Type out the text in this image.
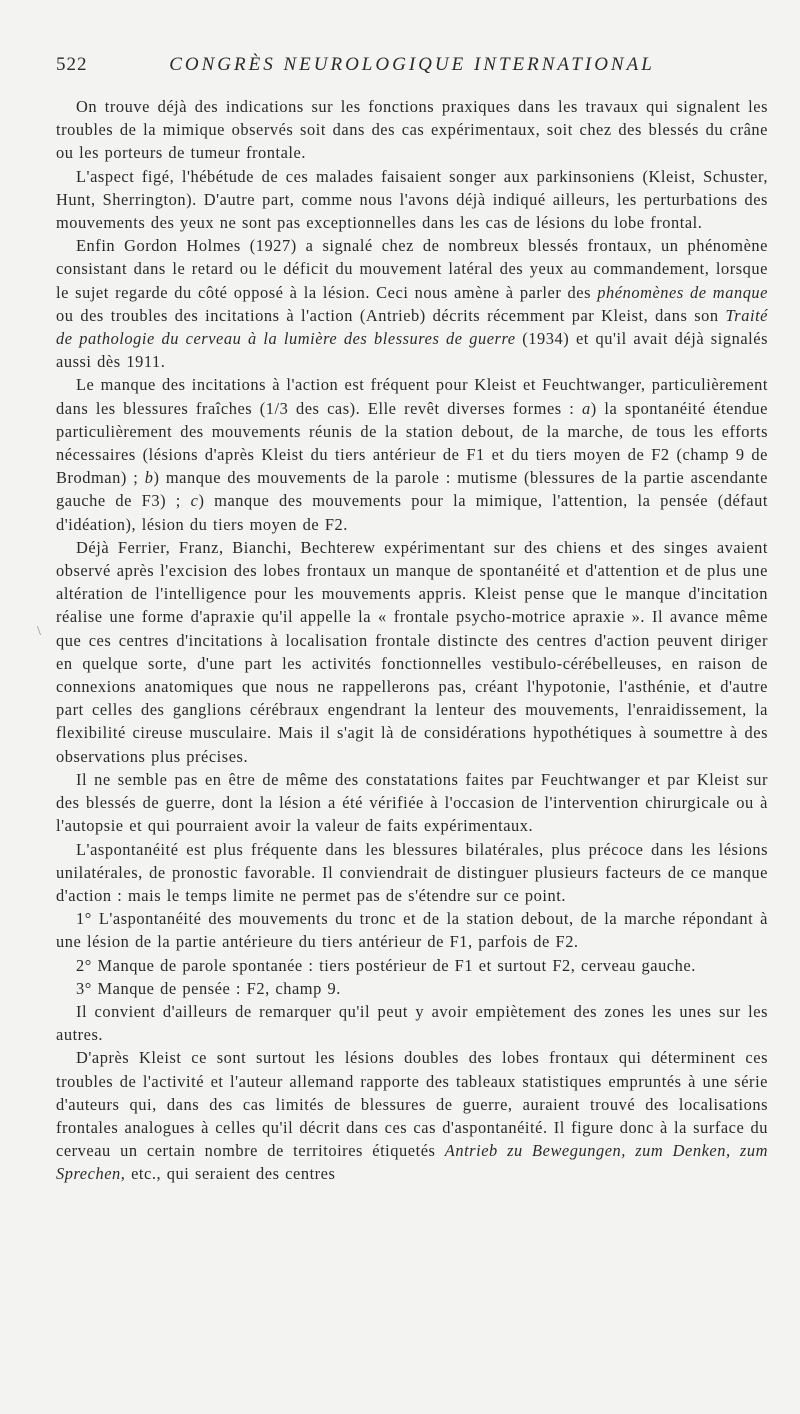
522	CONGRÈS NEUROLOGIQUE INTERNATIONAL
\

On trouve déjà des indications sur les fonctions praxiques dans les travaux qui signalent les troubles de la mimique observés soit dans des cas expérimentaux, soit chez des blessés du crâne ou les porteurs de tumeur frontale.

L'aspect figé, l'hébétude de ces malades faisaient songer aux parkinsoniens (Kleist, Schuster, Hunt, Sherrington). D'autre part, comme nous l'avons déjà indiqué ailleurs, les perturbations des mouvements des yeux ne sont pas exceptionnelles dans les cas de lésions du lobe frontal.

Enfin Gordon Holmes (1927) a signalé chez de nombreux blessés frontaux, un phénomène consistant dans le retard ou le déficit du mouvement latéral des yeux au commandement, lorsque le sujet regarde du côté opposé à la lésion. Ceci nous amène à parler des phénomènes de manque ou des troubles des incitations à l'action (Antrieb) décrits récemment par Kleist, dans son Traité de pathologie du cerveau à la lumière des blessures de guerre (1934) et qu'il avait déjà signalés aussi dès 1911.

Le manque des incitations à l'action est fréquent pour Kleist et Feuchtwanger, particulièrement dans les blessures fraîches (1/3 des cas). Elle revêt diverses formes : a) la spontanéité étendue particulièrement des mouvements réunis de la station debout, de la marche, de tous les efforts nécessaires (lésions d'après Kleist du tiers antérieur de F1 et du tiers moyen de F2 (champ 9 de Brodman) ; b) manque des mouvements de la parole : mutisme (blessures de la partie ascendante gauche de F3) ; c) manque des mouvements pour la mimique, l'attention, la pensée (défaut d'idéation), lésion du tiers moyen de F2.

Déjà Ferrier, Franz, Bianchi, Bechterew expérimentant sur des chiens et des singes avaient observé après l'excision des lobes frontaux un manque de spontanéité et d'attention et de plus une altération de l'intelligence pour les mouvements appris. Kleist pense que le manque d'incitation réalise une forme d'apraxie qu'il appelle la « frontale psycho-motrice apraxie ». Il avance même que ces centres d'incitations à localisation frontale distincte des centres d'action peuvent diriger en quelque sorte, d'une part les activités fonctionnelles vestibulo-cérébelleuses, en raison de connexions anatomiques que nous ne rappellerons pas, créant l'hypotonie, l'asthénie, et d'autre part celles des ganglions cérébraux engendrant la lenteur des mouvements, l'enraidissement, la flexibilité cireuse musculaire. Mais il s'agit là de considérations hypothétiques à soumettre à des observations plus précises.

Il ne semble pas en être de même des constatations faites par Feuchtwanger et par Kleist sur des blessés de guerre, dont la lésion a été vérifiée à l'occasion de l'intervention chirurgicale ou à l'autopsie et qui pourraient avoir la valeur de faits expérimentaux.

L'aspontanéité est plus fréquente dans les blessures bilatérales, plus précoce dans les lésions unilatérales, de pronostic favorable. Il conviendrait de distinguer plusieurs facteurs de ce manque d'action : mais le temps limite ne permet pas de s'étendre sur ce point.

1° L'aspontanéité des mouvements du tronc et de la station debout, de la marche répondant à une lésion de la partie antérieure du tiers antérieur de F1, parfois de F2.

2° Manque de parole spontanée : tiers postérieur de F1 et surtout F2, cerveau gauche.

3° Manque de pensée : F2, champ 9.

Il convient d'ailleurs de remarquer qu'il peut y avoir empiètement des zones les unes sur les autres.

D'après Kleist ce sont surtout les lésions doubles des lobes frontaux qui déterminent ces troubles de l'activité et l'auteur allemand rapporte des tableaux statistiques empruntés à une série d'auteurs qui, dans des cas limités de blessures de guerre, auraient trouvé des localisations frontales analogues à celles qu'il décrit dans ces cas d'aspontanéité. Il figure donc à la surface du cerveau un certain nombre de territoires étiquetés Antrieb zu Bewegungen, zum Denken, zum Sprechen, etc., qui seraient des centres
